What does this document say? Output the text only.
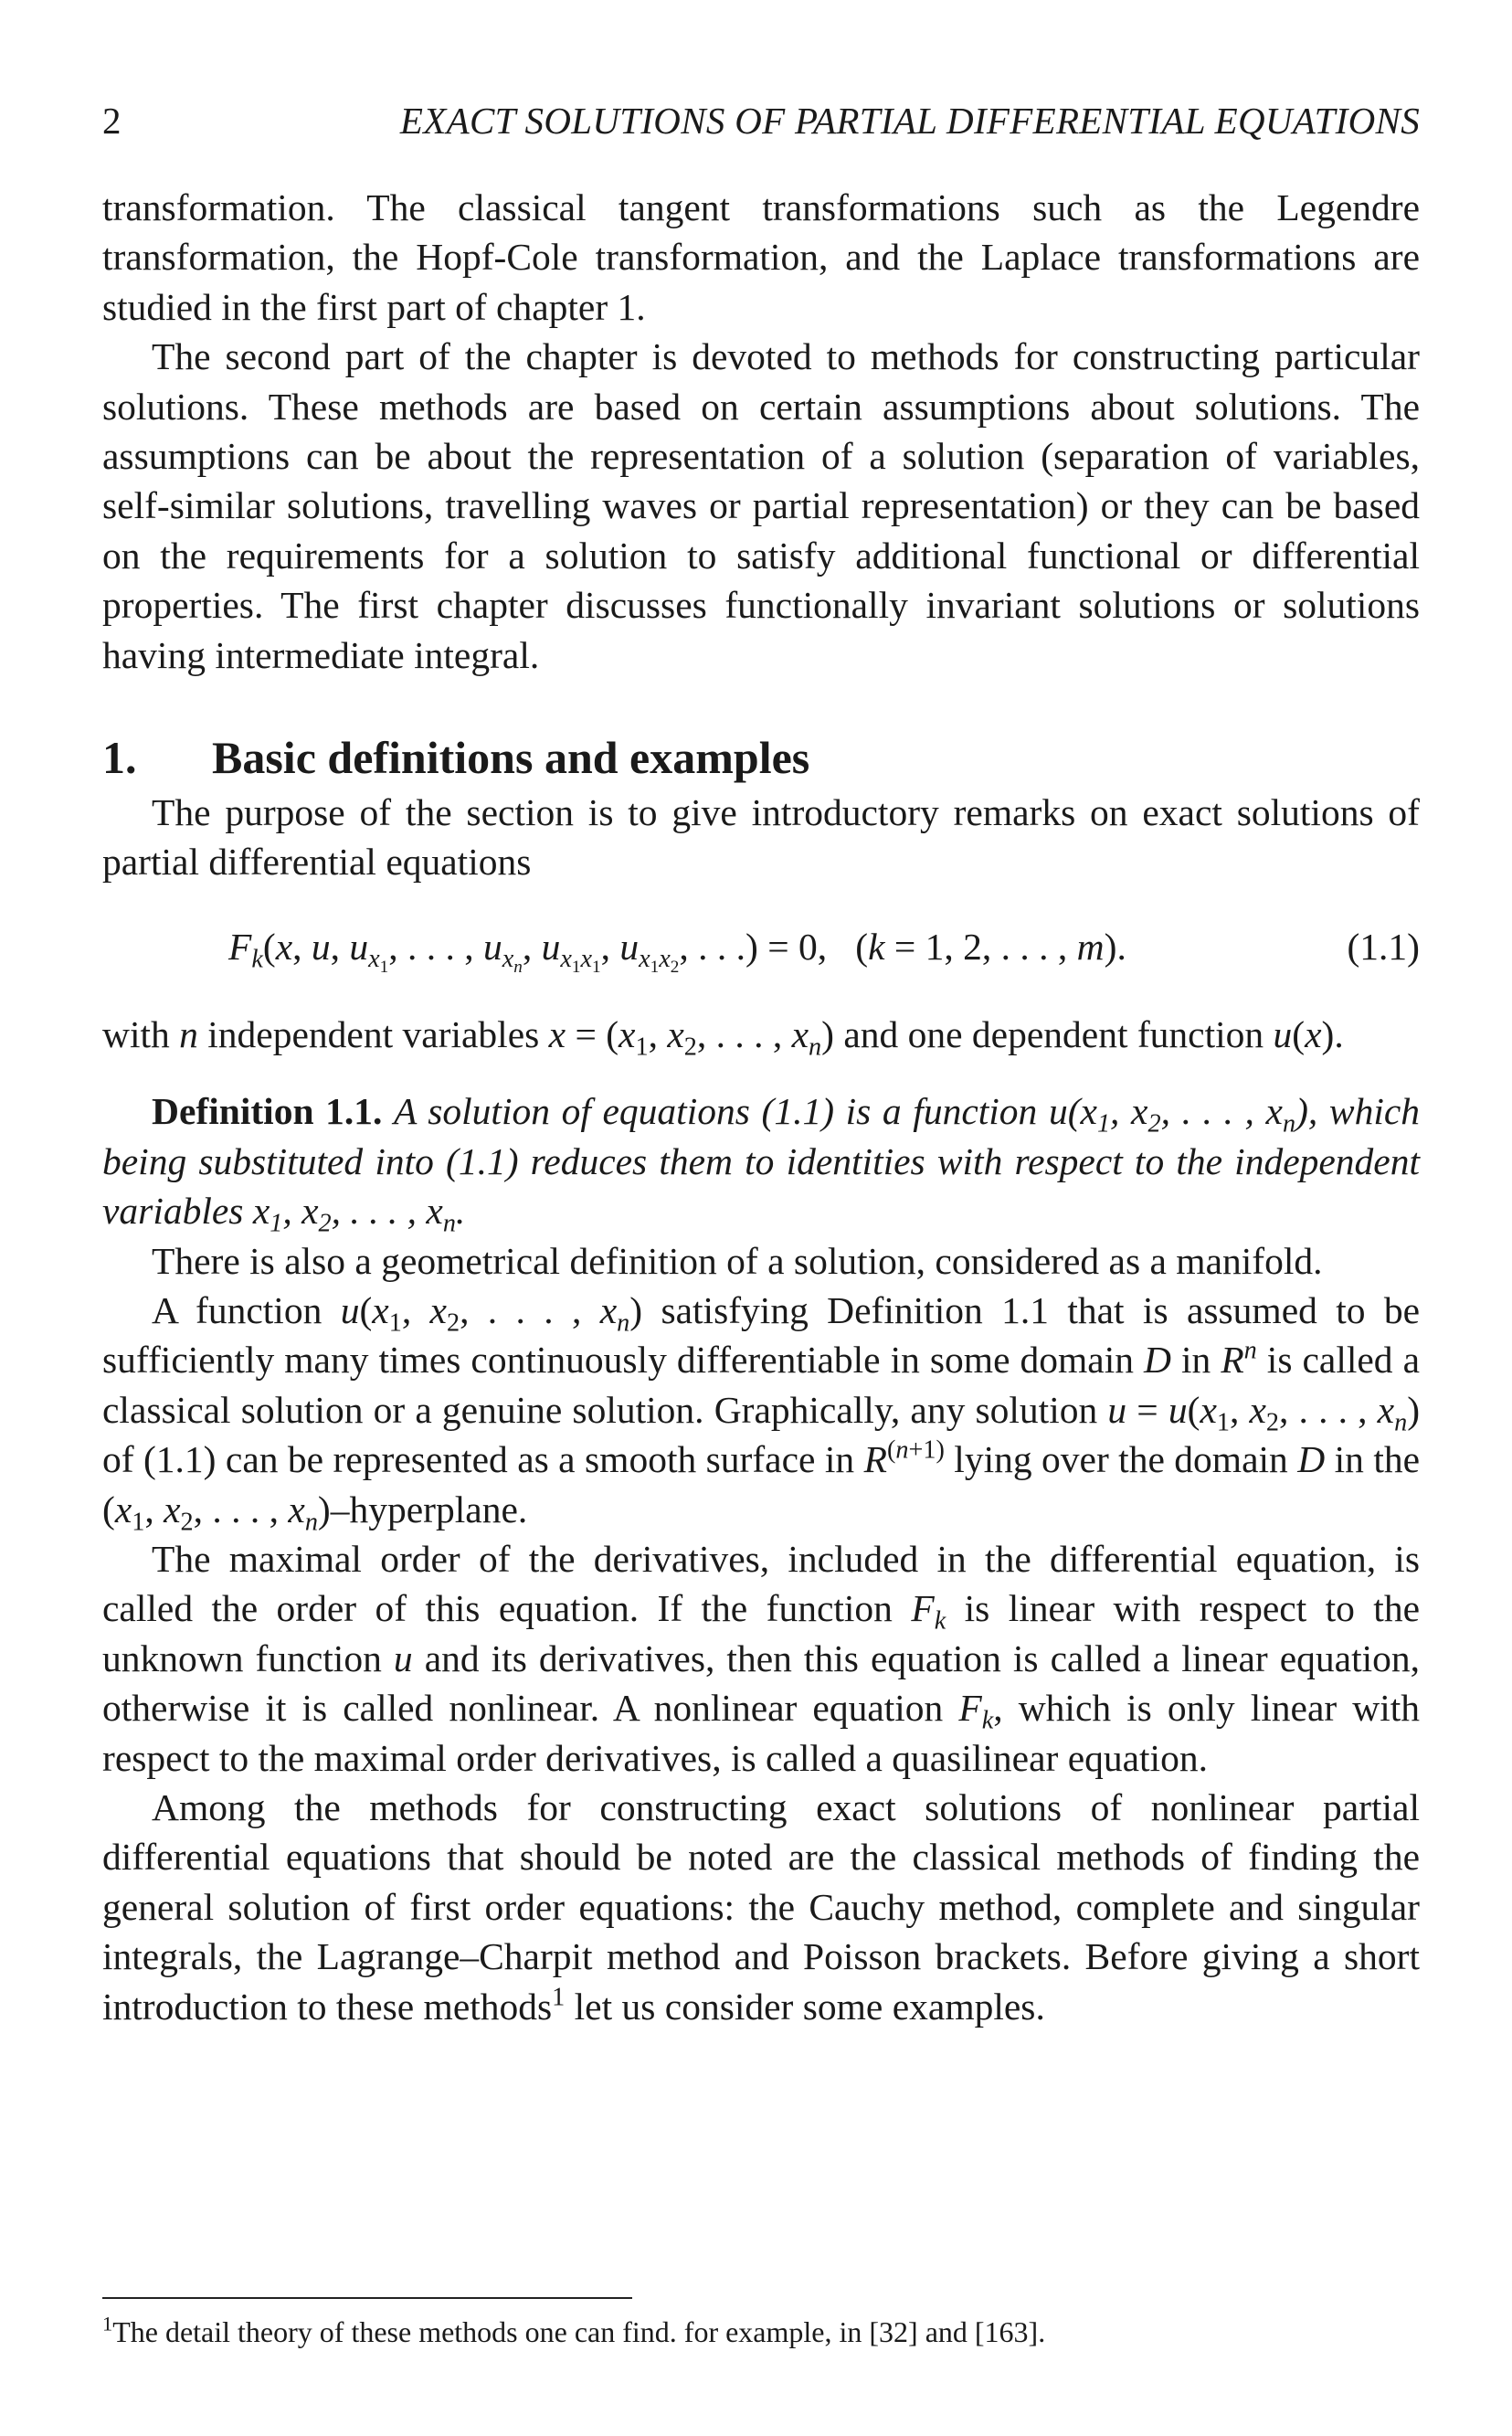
2	EXACT SOLUTIONS OF PARTIAL DIFFERENTIAL EQUATIONS

transformation. The classical tangent transformations such as the Legendre transformation, the Hopf-Cole transformation, and the Laplace transformations are studied in the first part of chapter 1.

The second part of the chapter is devoted to methods for constructing particular solutions. These methods are based on certain assumptions about solutions. The assumptions can be about the representation of a solution (separation of variables, self-similar solutions, travelling waves or partial representation) or they can be based on the requirements for a solution to satisfy additional functional or differential properties. The first chapter discusses functionally invariant solutions or solutions having intermediate integral.

1. Basic definitions and examples

The purpose of the section is to give introductory remarks on exact solutions of partial differential equations

$F_k(x$, u, $u_{x_1}$, . . . , $u_{x_n}$, $u_{x_1x_1}$, $u_{x_1x_2}$, . . .) = 0,   (k = 1, 2, . . . , m).	(1.1)

with n independent variables $x = (x_1$, $x_2$, . . . , $x_n$) and one dependent function u(x).

Definition 1.1. A solution of equations (1.1) is a function $u(x_1$, $x_2$, . . . , $x_n$), which being substituted into (1.1) reduces them to identities with respect to the independent variables $x_1$, $x_2$, . . . , $x_n$.

There is also a geometrical definition of a solution, considered as a manifold.

A function $u(x_1$, $x_2$, . . . , $x_n$) satisfying Definition 1.1 that is assumed to be sufficiently many times continuously differentiable in some domain D in $R^n$ is called a classical solution or a genuine solution. Graphically, any solution $u = u(x_1$, $x_2$, . . . , $x_n$) of (1.1) can be represented as a smooth surface in $R^{(n+1)}$ lying over the domain D in the ($x_1$, $x_2$, . . . , $x_n$)–hyperplane.

The maximal order of the derivatives, included in the differential equation, is called the order of this equation. If the function $F_k$ is linear with respect to the unknown function u and its derivatives, then this equation is called a linear equation, otherwise it is called nonlinear. A nonlinear equation $F_k$, which is only linear with respect to the maximal order derivatives, is called a quasilinear equation.

Among the methods for constructing exact solutions of nonlinear partial differential equations that should be noted are the classical methods of finding the general solution of first order equations: the Cauchy method, complete and singular integrals, the Lagrange–Charpit method and Poisson brackets. Before giving a short introduction to these methods$^1$ let us consider some examples.

$^1$The detail theory of these methods one can find. for example, in [32] and [163].
